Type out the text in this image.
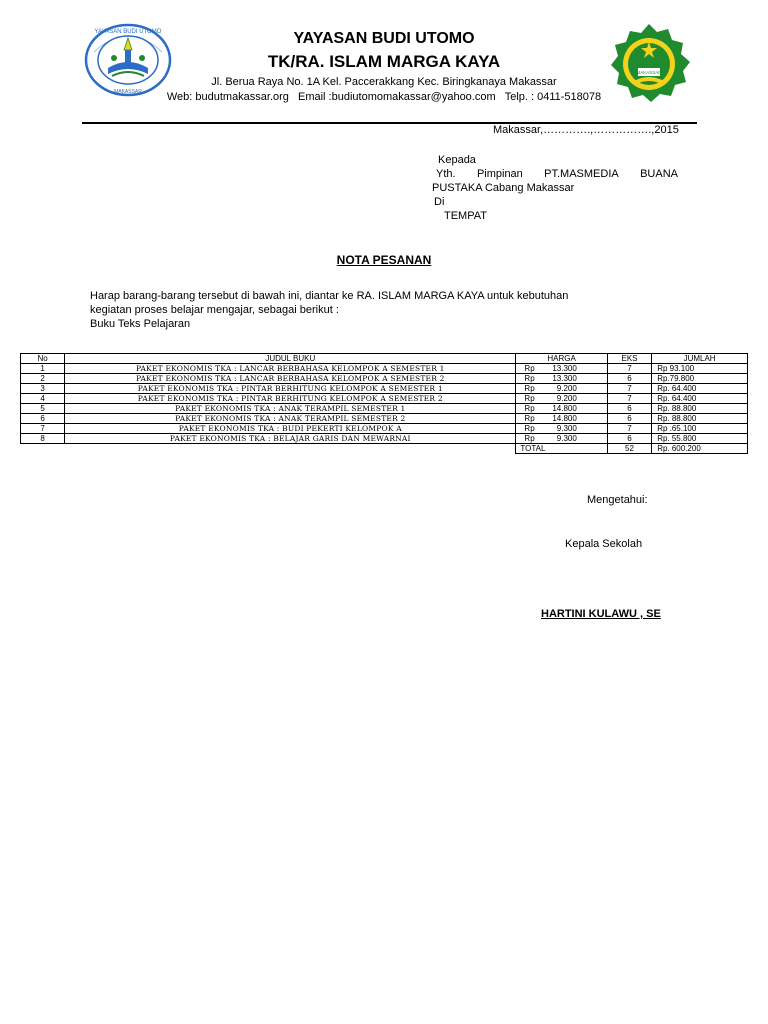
YAYASAN BUDI UTOMO
MAKASSAR
MAKASSAR
YAYASAN BUDI UTOMO
TK/RA. ISLAM MARGA KAYA
Jl. Berua Raya No. 1A Kel. Paccerakkang Kec. Biringkanaya Makassar
Web: budutmakassar.org Email :budiutomomakassar@yahoo.com Telp. : 0411-518078
Makassar,………….,…………….,2015
Kepada
Yth. Pimpinan PT.MASMEDIA BUANA
PUSTAKA Cabang Makassar
Di
TEMPAT
NOTA PESANAN
Harap barang-barang tersebut di bawah ini, diantar ke RA. ISLAM MARGA KAYA untuk kebutuhan
kegiatan proses belajar mengajar, sebagai berikut :
Buku Teks Pelajaran
No	JUDUL BUKU	HARGA	EKS	JUMLAH
1	PAKET EKONOMIS TKA : LANCAR BERBAHASA KELOMPOK A SEMESTER 1	Rp 13.300	7	Rp 93.100
2	PAKET EKONOMIS TKA : LANCAR BERBAHASA KELOMPOK A SEMESTER 2	Rp 13.300	6	Rp.79.800
3	PAKET EKONOMIS TKA : PINTAR BERHITUNG KELOMPOK A SEMESTER 1	Rp 9.200	7	Rp. 64.400
4	PAKET EKONOMIS TKA : PINTAR BERHITUNG KELOMPOK A SEMESTER 2	Rp 9.200	7	Rp. 64.400
5	PAKET EKONOMIS TKA : ANAK TERAMPIL SEMESTER 1	Rp 14.800	6	Rp. 88.800
6	PAKET EKONOMIS TKA : ANAK TERAMPIL SEMESTER 2	Rp 14.800	6	Rp. 88.800
7	PAKET EKONOMIS TKA : BUDI PEKERTI KELOMPOK A	Rp 9.300	7	Rp .65.100
8	PAKET EKONOMIS TKA : BELAJAR GARIS DAN MEWARNAI	Rp 9.300	6	Rp. 55.800
		TOTAL	52	Rp. 600.200
Mengetahui:
Kepala Sekolah
HARTINI KULAWU , SE
